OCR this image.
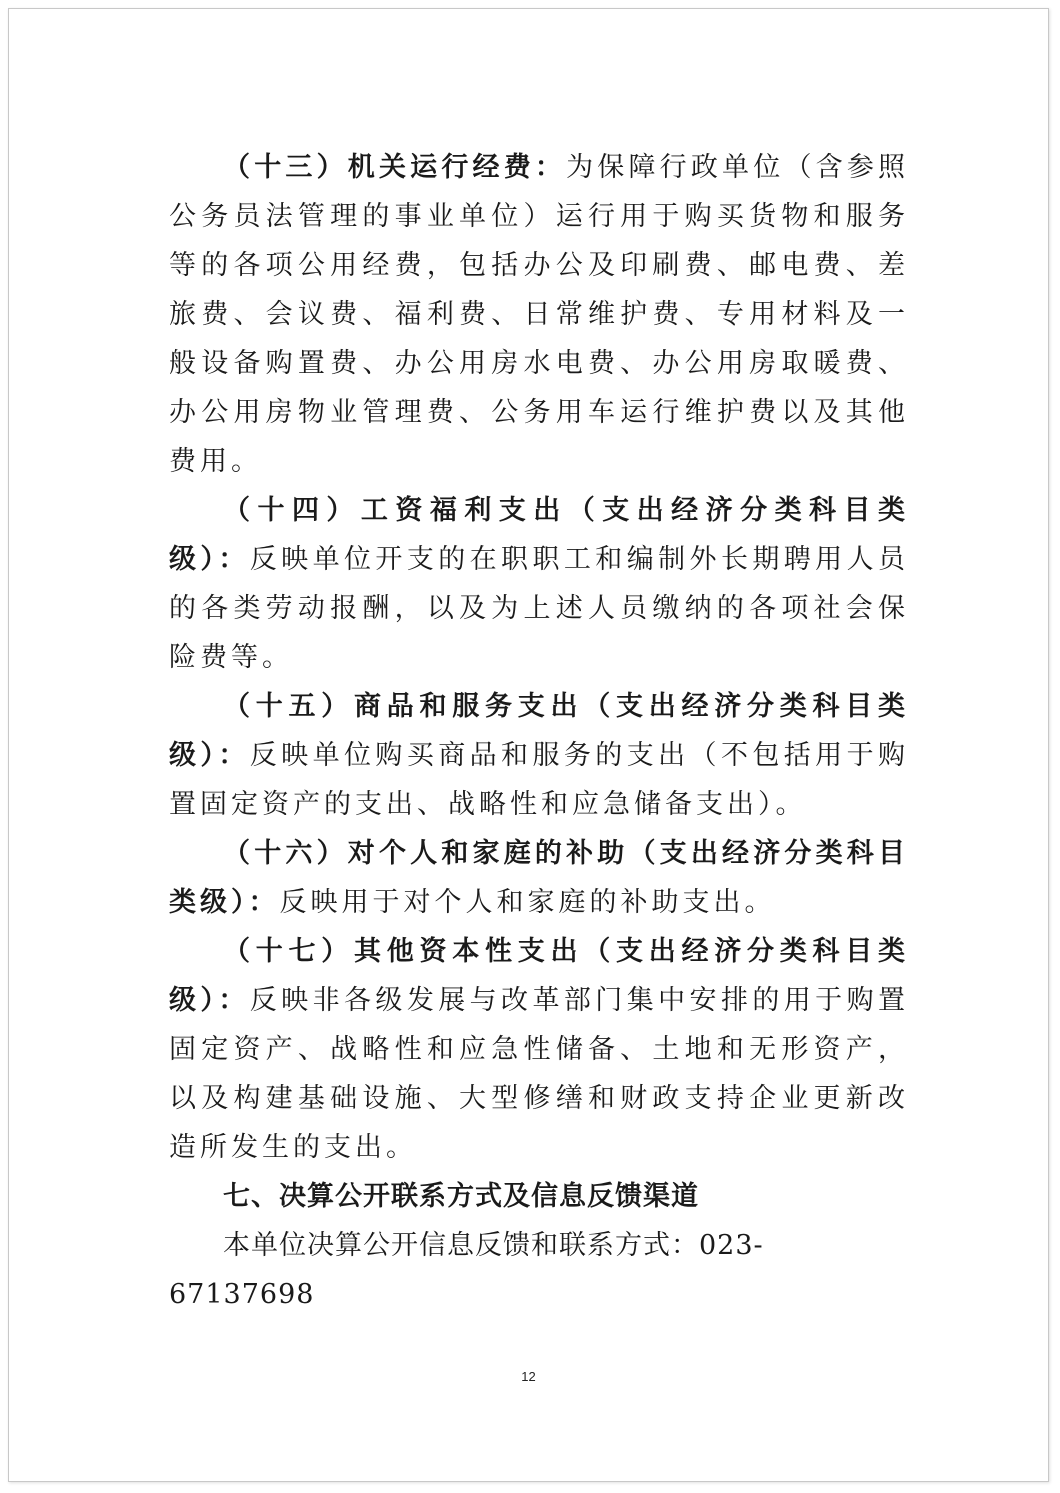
（十三）机关运行经费：为保障行政单位（含参照公务员法管理的事业单位）运行用于购买货物和服务等的各项公用经费，包括办公及印刷费、邮电费、差旅费、会议费、福利费、日常维护费、专用材料及一般设备购置费、办公用房水电费、办公用房取暖费、办公用房物业管理费、公务用车运行维护费以及其他费用。

（十四）工资福利支出（支出经济分类科目类级）：反映单位开支的在职职工和编制外长期聘用人员的各类劳动报酬，以及为上述人员缴纳的各项社会保险费等。

（十五）商品和服务支出（支出经济分类科目类级）：反映单位购买商品和服务的支出（不包括用于购置固定资产的支出、战略性和应急储备支出）。

（十六）对个人和家庭的补助（支出经济分类科目类级）：反映用于对个人和家庭的补助支出。

（十七）其他资本性支出（支出经济分类科目类级）：反映非各级发展与改革部门集中安排的用于购置固定资产、战略性和应急性储备、土地和无形资产，以及构建基础设施、大型修缮和财政支持企业更新改造所发生的支出。

七、决算公开联系方式及信息反馈渠道

本单位决算公开信息反馈和联系方式：023-67137698

12
